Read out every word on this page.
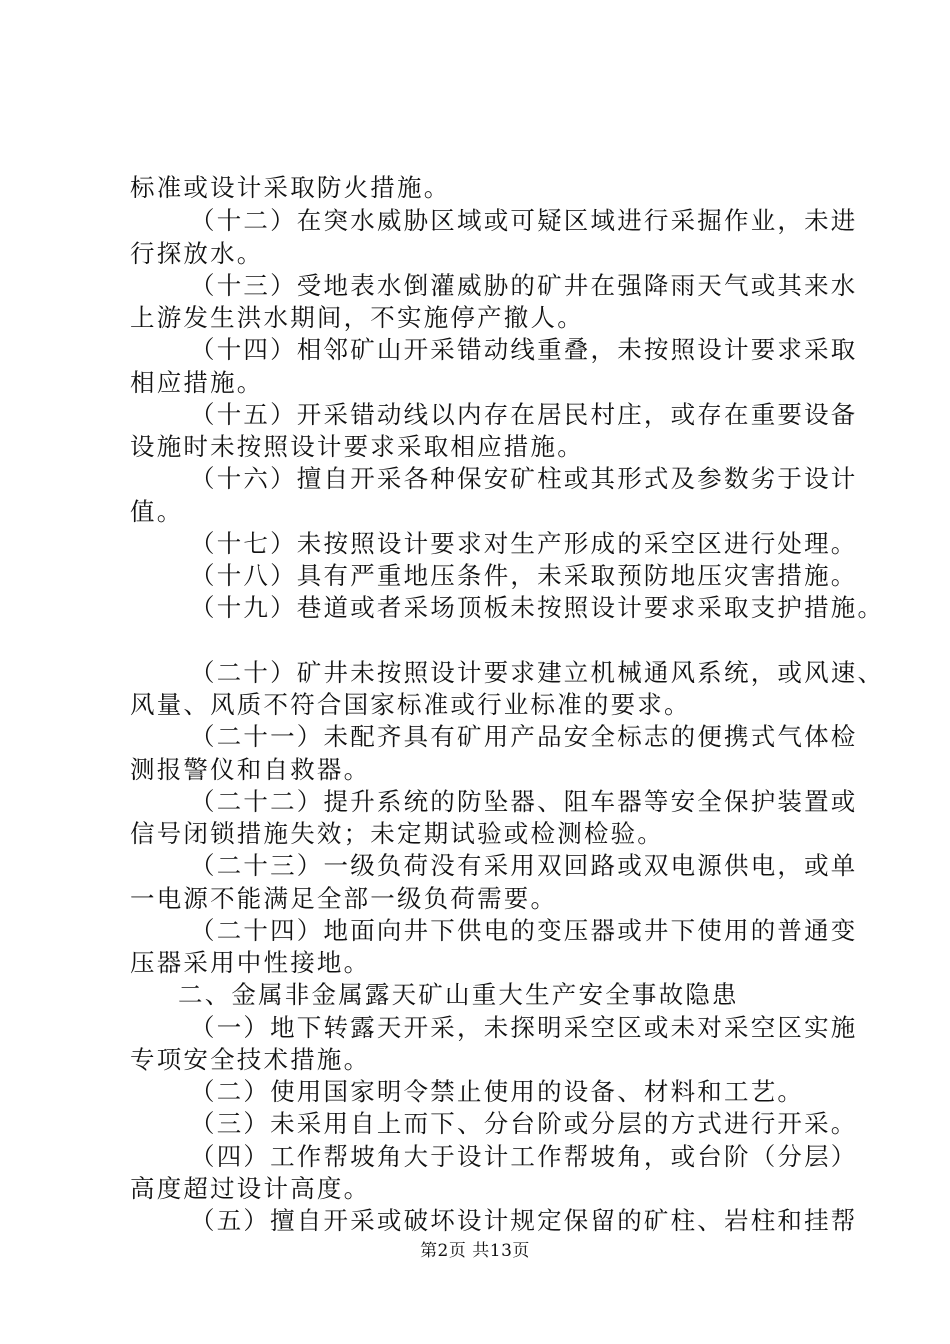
标准或设计采取防火措施。
（十二）在突水威胁区域或可疑区域进行采掘作业，未进
行探放水。
（十三）受地表水倒灌威胁的矿井在强降雨天气或其来水
上游发生洪水期间，不实施停产撤人。
（十四）相邻矿山开采错动线重叠，未按照设计要求采取
相应措施。
（十五）开采错动线以内存在居民村庄，或存在重要设备
设施时未按照设计要求采取相应措施。
（十六）擅自开采各种保安矿柱或其形式及参数劣于设计
值。
（十七）未按照设计要求对生产形成的采空区进行处理。
（十八）具有严重地压条件，未采取预防地压灾害措施。
（十九）巷道或者采场顶板未按照设计要求采取支护措施。
（二十）矿井未按照设计要求建立机械通风系统，或风速、
风量、风质不符合国家标准或行业标准的要求。
（二十一）未配齐具有矿用产品安全标志的便携式气体检
测报警仪和自救器。
（二十二）提升系统的防坠器、阻车器等安全保护装置或
信号闭锁措施失效；未定期试验或检测检验。
（二十三）一级负荷没有采用双回路或双电源供电，或单
一电源不能满足全部一级负荷需要。
（二十四）地面向井下供电的变压器或井下使用的普通变
压器采用中性接地。
二、金属非金属露天矿山重大生产安全事故隐患
（一）地下转露天开采，未探明采空区或未对采空区实施
专项安全技术措施。
（二）使用国家明令禁止使用的设备、材料和工艺。
（三）未采用自上而下、分台阶或分层的方式进行开采。
（四）工作帮坡角大于设计工作帮坡角，或台阶（分层）
高度超过设计高度。
（五）擅自开采或破坏设计规定保留的矿柱、岩柱和挂帮
第2页 共13页
